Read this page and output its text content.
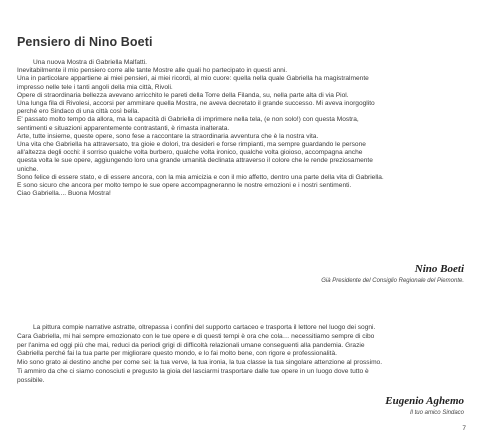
Pensiero di Nino Boeti

Una nuova Mostra di Gabriella Malfatti.

Inevitabilmente il mio pensiero corre alle tante Mostre alle quali ho partecipato in questi anni.

Una in particolare appartiene ai miei pensieri, ai miei ricordi, al mio cuore: quella nella quale Gabriella ha magistralmente

impresso nelle tele i tanti angoli della mia città, Rivoli.

Opere di straordinaria bellezza avevano arricchito le pareti della Torre della Filanda, su, nella parte alta di via Piol.

Una lunga fila di Rivolesi, accorsi per ammirare quella Mostra, ne aveva decretato il grande successo. Mi aveva inorgoglito

perché ero Sindaco di una città così bella.

E' passato molto tempo da allora, ma la capacità di Gabriella di imprimere nella tela, (e non solo!) con questa Mostra,

sentimenti e situazioni apparentemente contrastanti, è rimasta inalterata.

Arte, tutte insieme, queste opere, sono fese a raccontare la straordinaria avventura che è la nostra vita.

Una vita che Gabriella ha attraversato, tra gioie e dolori, tra desideri e forse rimpianti, ma sempre guardando le persone

all'altezza degli occhi: il sorriso qualche volta burbero, qualche volta ironico, qualche volta gioioso, accompagna anche

questa volta le sue opere, aggiungendo loro una grande umanità declinata attraverso il colore che le rende preziosamente

uniche.

Sono felice di essere stato, e di essere ancora, con la mia amicizia e con il mio affetto, dentro una parte della vita di Gabriella.

E sono sicuro che ancora per molto tempo le sue opere accompagneranno le nostre emozioni e i nostri sentimenti.

Ciao Gabriella.... Buona Mostra!

Nino Boeti
Già Presidente del Consiglio Regionale del Piemonte.

La pittura compie narrative astratte, oltrepassa i confini del supporto cartaceo e trasporta il lettore nel luogo dei sogni.

Cara Gabriella, mi hai sempre emozionato con le tue opere e di questi tempi è ora che cola… necessitiamo sempre di cibo

per l'anima ed oggi più che mai, reduci da periodi grigi di difficoltà relazionali umane conseguenti alla pandemia. Grazie

Gabriella perché fai la tua parte per migliorare questo mondo, e lo fai molto bene, con rigore e professionalità.

Mio sono grato ai destino anche per come sei: la tua verve, la tua ironia, la tua classe la tua singolare attenzione al prossimo.

Ti ammiro da che ci siamo conosciuti e pregusto la gioia del lasciarmi trasportare dalle tue opere in un luogo dove tutto è

possibile.

Eugenio Aghemo
Il tuo amico Sindaco
7
